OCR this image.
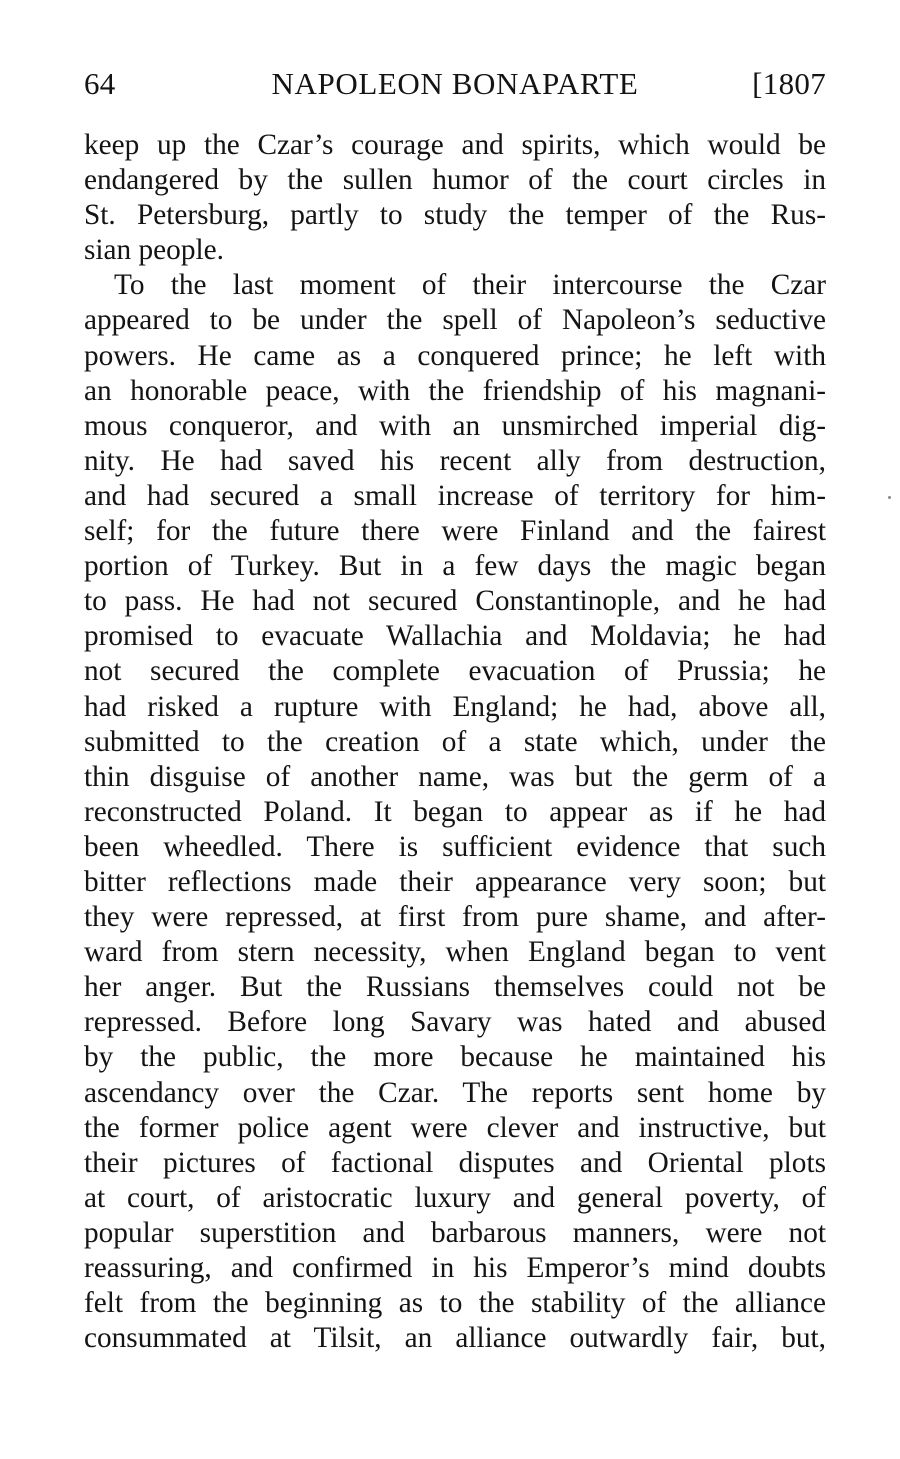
64	NAPOLEON BONAPARTE	[1807
keep up the Czar’s courage and spirits, which would be
endangered by the sullen humor of the court circles in
St. Petersburg, partly to study the temper of the Rus-
sian people.
To the last moment of their intercourse the Czar
appeared to be under the spell of Napoleon’s seductive
powers. He came as a conquered prince; he left with
an honorable peace, with the friendship of his magnani-
mous conqueror, and with an unsmirched imperial dig-
nity. He had saved his recent ally from destruction,
and had secured a small increase of territory for him-
self; for the future there were Finland and the fairest
portion of Turkey. But in a few days the magic began
to pass. He had not secured Constantinople, and he had
promised to evacuate Wallachia and Moldavia; he had
not secured the complete evacuation of Prussia; he
had risked a rupture with England; he had, above all,
submitted to the creation of a state which, under the
thin disguise of another name, was but the germ of a
reconstructed Poland. It began to appear as if he had
been wheedled. There is sufficient evidence that such
bitter reflections made their appearance very soon; but
they were repressed, at first from pure shame, and after-
ward from stern necessity, when England began to vent
her anger. But the Russians themselves could not be
repressed. Before long Savary was hated and abused
by the public, the more because he maintained his
ascendancy over the Czar. The reports sent home by
the former police agent were clever and instructive, but
their pictures of factional disputes and Oriental plots
at court, of aristocratic luxury and general poverty, of
popular superstition and barbarous manners, were not
reassuring, and confirmed in his Emperor’s mind doubts
felt from the beginning as to the stability of the alliance
consummated at Tilsit, an alliance outwardly fair, but,
